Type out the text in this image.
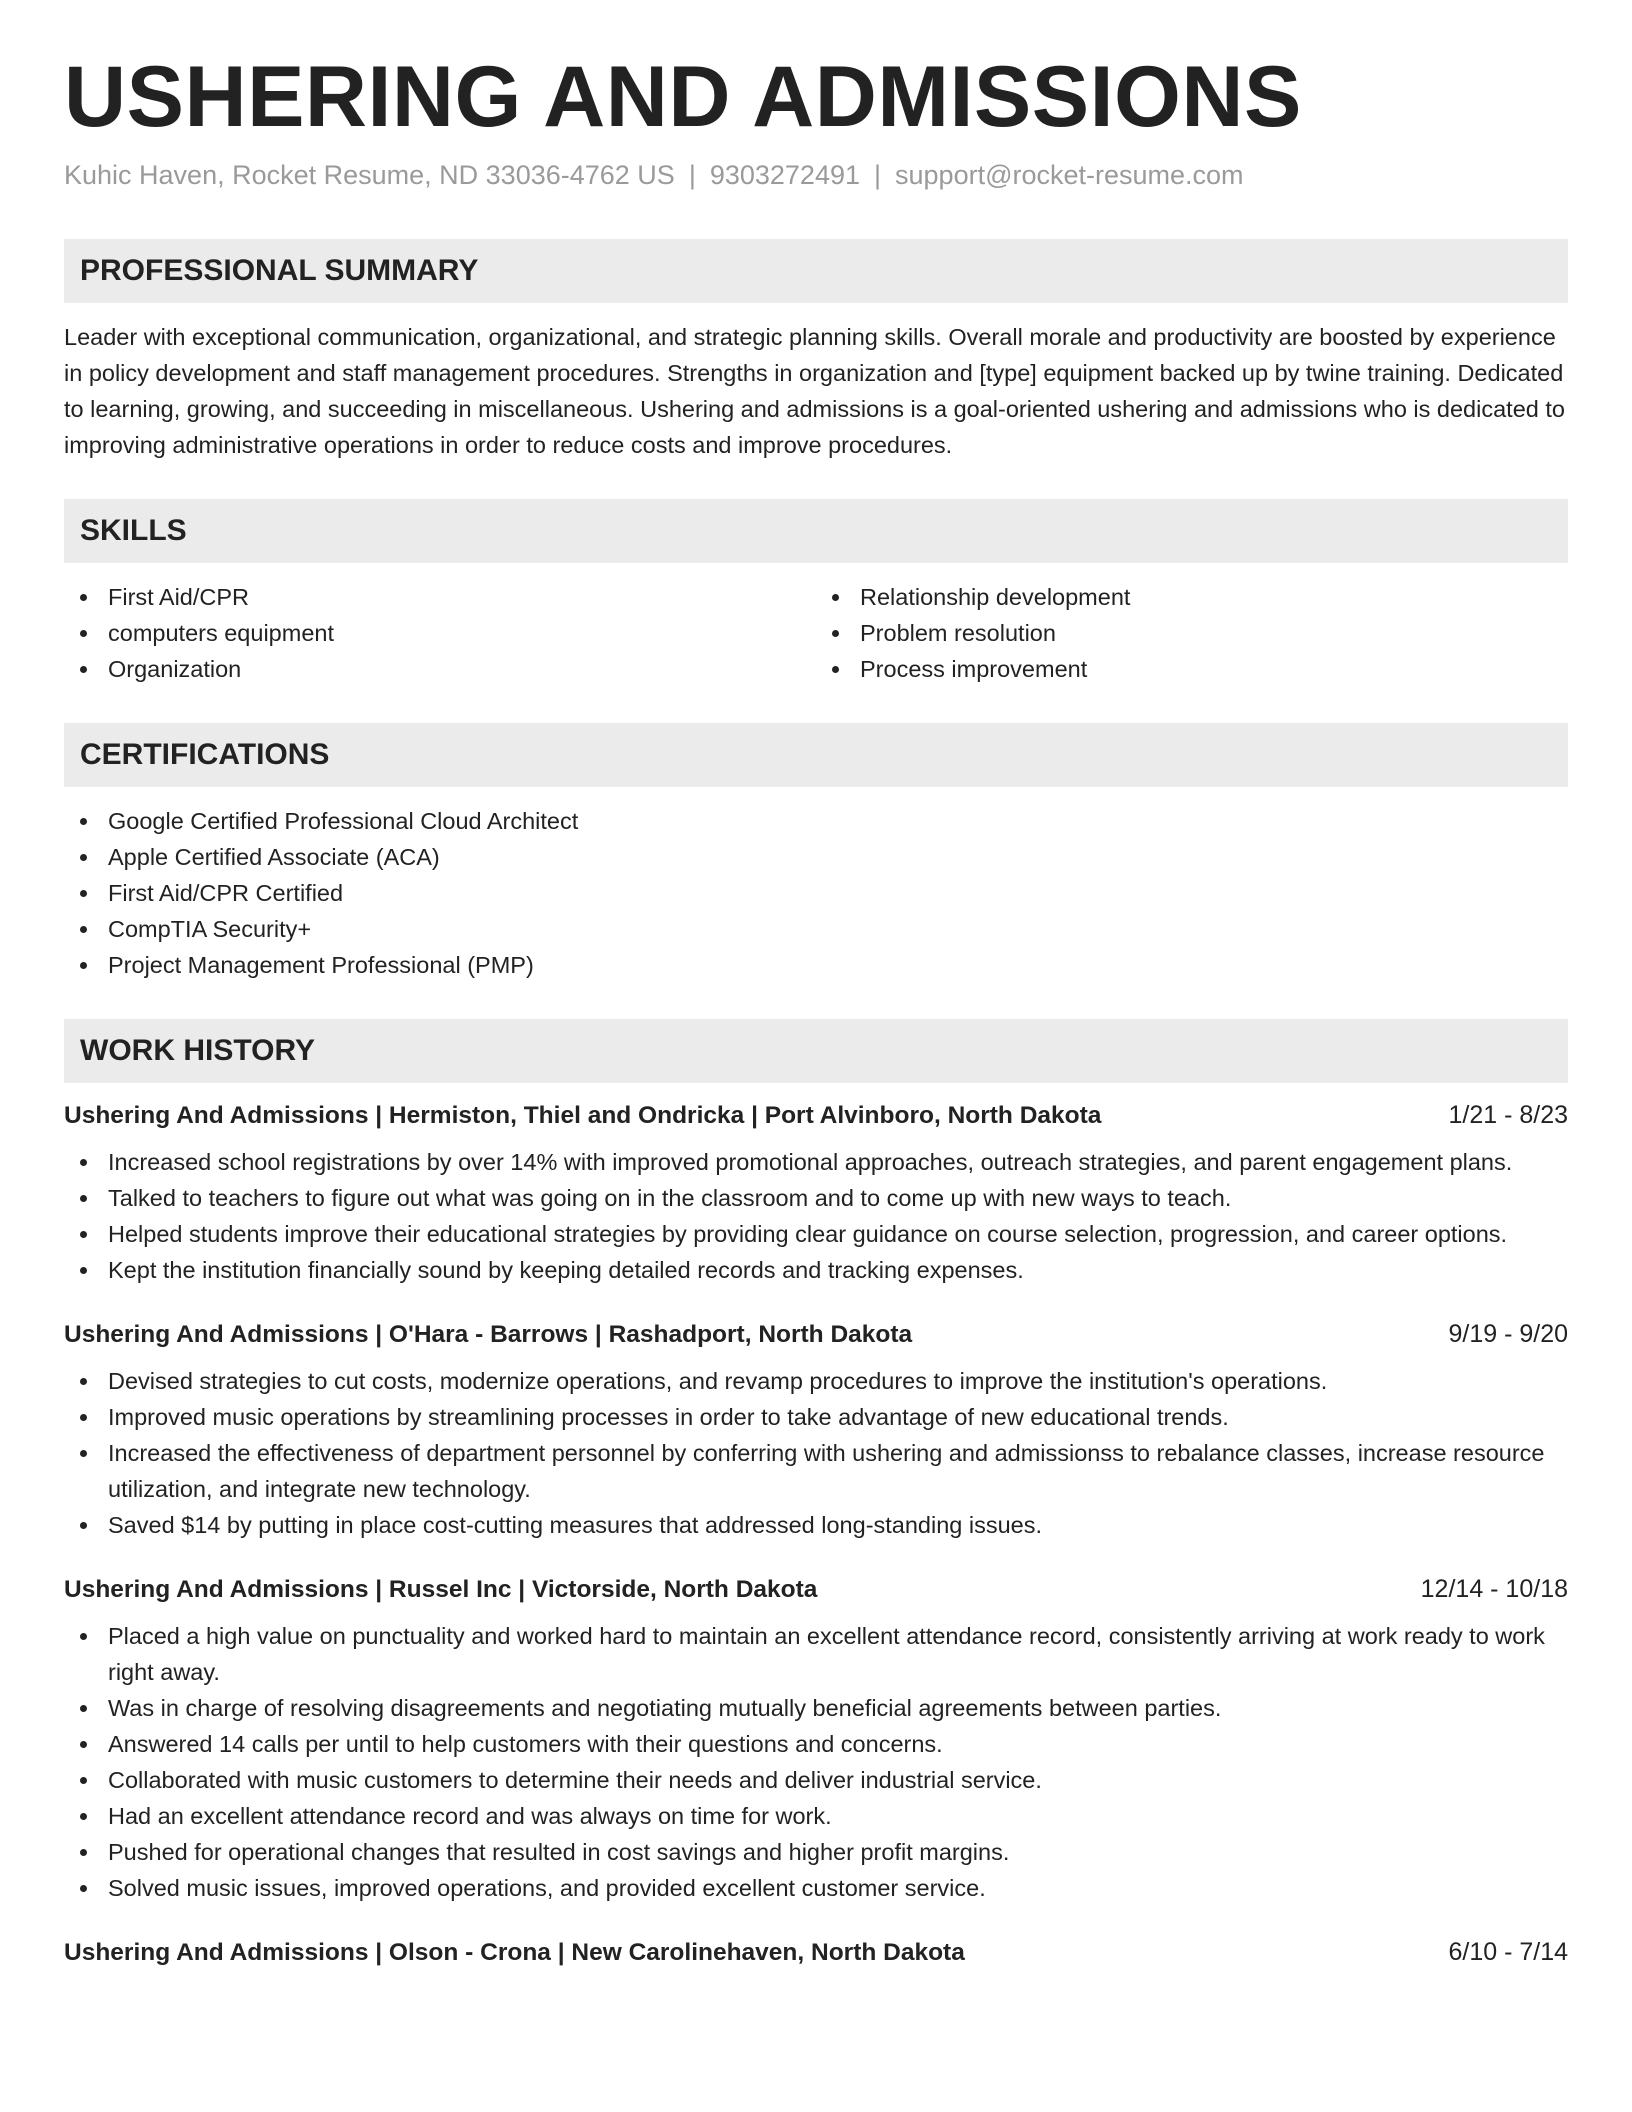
USHERING AND ADMISSIONS
Kuhic Haven, Rocket Resume, ND 33036-4762 US | 9303272491 | support@rocket-resume.com
PROFESSIONAL SUMMARY
Leader with exceptional communication, organizational, and strategic planning skills. Overall morale and productivity are boosted by experience in policy development and staff management procedures. Strengths in organization and [type] equipment backed up by twine training. Dedicated to learning, growing, and succeeding in miscellaneous. Ushering and admissions is a goal-oriented ushering and admissions who is dedicated to improving administrative operations in order to reduce costs and improve procedures.
SKILLS
First Aid/CPR
computers equipment
Organization
Relationship development
Problem resolution
Process improvement
CERTIFICATIONS
Google Certified Professional Cloud Architect
Apple Certified Associate (ACA)
First Aid/CPR Certified
CompTIA Security+
Project Management Professional (PMP)
WORK HISTORY
Ushering And Admissions | Hermiston, Thiel and Ondricka | Port Alvinboro, North Dakota	1/21 - 8/23
Increased school registrations by over 14% with improved promotional approaches, outreach strategies, and parent engagement plans.
Talked to teachers to figure out what was going on in the classroom and to come up with new ways to teach.
Helped students improve their educational strategies by providing clear guidance on course selection, progression, and career options.
Kept the institution financially sound by keeping detailed records and tracking expenses.
Ushering And Admissions | O'Hara - Barrows | Rashadport, North Dakota	9/19 - 9/20
Devised strategies to cut costs, modernize operations, and revamp procedures to improve the institution's operations.
Improved music operations by streamlining processes in order to take advantage of new educational trends.
Increased the effectiveness of department personnel by conferring with ushering and admissionss to rebalance classes, increase resource utilization, and integrate new technology.
Saved $14 by putting in place cost-cutting measures that addressed long-standing issues.
Ushering And Admissions | Russel Inc | Victorside, North Dakota	12/14 - 10/18
Placed a high value on punctuality and worked hard to maintain an excellent attendance record, consistently arriving at work ready to work right away.
Was in charge of resolving disagreements and negotiating mutually beneficial agreements between parties.
Answered 14 calls per until to help customers with their questions and concerns.
Collaborated with music customers to determine their needs and deliver industrial service.
Had an excellent attendance record and was always on time for work.
Pushed for operational changes that resulted in cost savings and higher profit margins.
Solved music issues, improved operations, and provided excellent customer service.
Ushering And Admissions | Olson - Crona | New Carolinehaven, North Dakota	6/10 - 7/14
